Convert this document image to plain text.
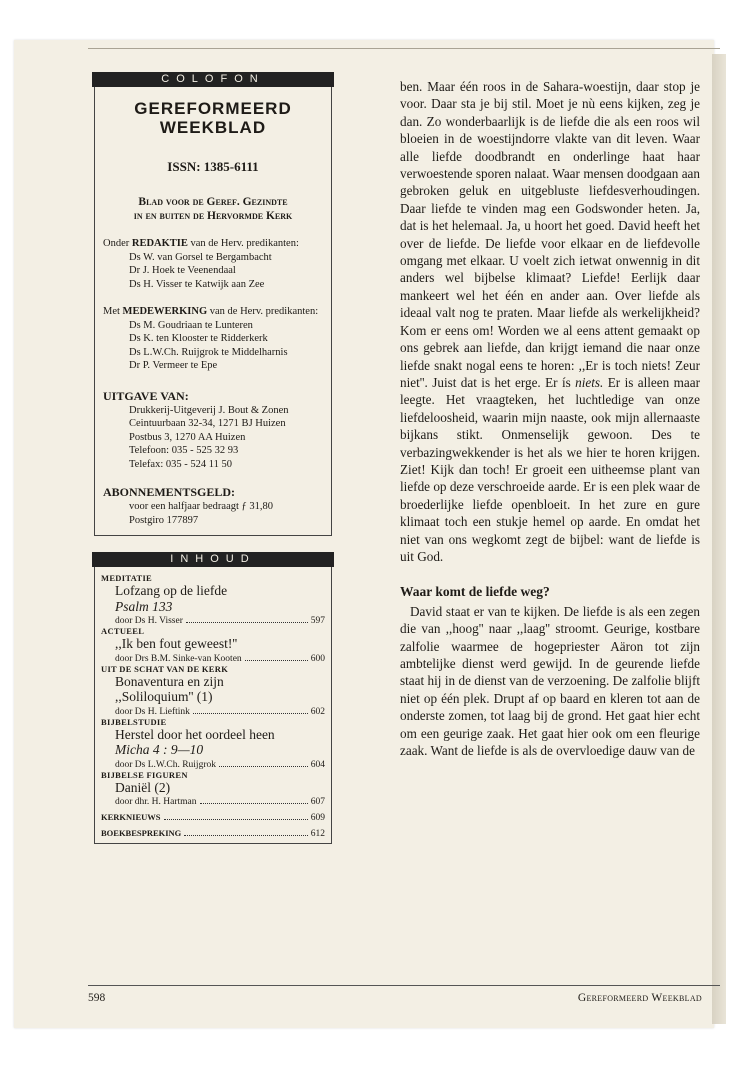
COLOFON
GEREFORMEERD
WEEKBLAD
ISSN: 1385-6111
Blad voor de Geref. Gezindte
in en buiten de Hervormde Kerk
Onder REDAKTIE van de Herv. predikanten:
Ds W. van Gorsel te Bergambacht
Dr J. Hoek te Veenendaal
Ds H. Visser te Katwijk aan Zee
Met MEDEWERKING van de Herv. predikanten:
Ds M. Goudriaan te Lunteren
Ds K. ten Klooster te Ridderkerk
Ds L.W.Ch. Ruijgrok te Middelharnis
Dr P. Vermeer te Epe
UITGAVE VAN:
Drukkerij-Uitgeverij J. Bout & Zonen
Ceintuurbaan 32-34, 1271 BJ Huizen
Postbus 3, 1270 AA Huizen
Telefoon: 035 - 525 32 93
Telefax: 035 - 524 11 50
ABONNEMENTSGELD:
voor een halfjaar bedraagt ƒ 31,80
Postgiro 177897
INHOUD
MEDITATIE
Lofzang op de liefde
Psalm 133
door Ds H. Visser	597
ACTUEEL
,,Ik ben fout geweest!''
door Drs B.M. Sinke-van Kooten	600
UIT DE SCHAT VAN DE KERK
Bonaventura en zijn
,,Soliloquium'' (1)
door Ds H. Lieftink	602
BIJBELSTUDIE
Herstel door het oordeel heen
Micha 4 : 9—10
door Ds L.W.Ch. Ruijgrok	604
BIJBELSE FIGUREN
Daniël (2)
door dhr. H. Hartman	607
KERKNIEUWS	609
BOEKBESPREKING	612

ben. Maar één roos in de Sahara-woestijn, daar stop je voor. Daar sta je bij stil. Moet je nù eens kijken, zeg je dan. Zo wonderbaarlijk is de liefde die als een roos wil bloeien in de woestijndorre vlakte van dit leven. Waar alle liefde doodbrandt en onderlinge haat haar verwoestende sporen nalaat. Waar mensen doodgaan aan gebroken geluk en uitgebluste liefdesverhoudingen. Daar liefde te vinden mag een Godswonder heten. Ja, dat is het helemaal. Ja, u hoort het goed. David heeft het over de liefde. De liefde voor elkaar en de liefdevolle omgang met elkaar. U voelt zich ietwat onwennig in dit anders wel bijbelse klimaat? Liefde! Eerlijk daar mankeert wel het één en ander aan. Over liefde als ideaal valt nog te praten. Maar liefde als werkelijkheid? Kom er eens om! Worden we al eens attent gemaakt op ons gebrek aan liefde, dan krijgt iemand die naar onze liefde snakt nogal eens te horen: ,,Er is toch niets! Zeur niet''. Juist dat is het erge. Er ís niets. Er is alleen maar leegte. Het vraagteken, het luchtledige van onze liefdeloosheid, waarin mijn naaste, ook mijn allernaaste bijkans stikt. Onmenselijk gewoon. Des te verbazingwekkender is het als we hier te horen krijgen. Ziet! Kijk dan toch! Er groeit een uitheemse plant van liefde op deze verschroeide aarde. Er is een plek waar de broederlijke liefde openbloeit. In het zure en gure klimaat toch een stukje hemel op aarde. En omdat het niet van ons wegkomt zegt de bijbel: want de liefde is uit God.

Waar komt de liefde weg?

David staat er van te kijken. De liefde is als een zegen die van ,,hoog'' naar ,,laag'' stroomt. Geurige, kostbare zalfolie waarmee de hogepriester Aäron tot zijn ambtelijke dienst werd gewijd. In de geurende liefde staat hij in de dienst van de verzoening. De zalfolie blijft niet op één plek. Drupt af op baard en kleren tot aan de onderste zomen, tot laag bij de grond. Het gaat hier echt om een geurige zaak. Het gaat hier ook om een fleurige zaak. Want de liefde is als de overvloedige dauw van de

598	Gereformeerd Weekblad
